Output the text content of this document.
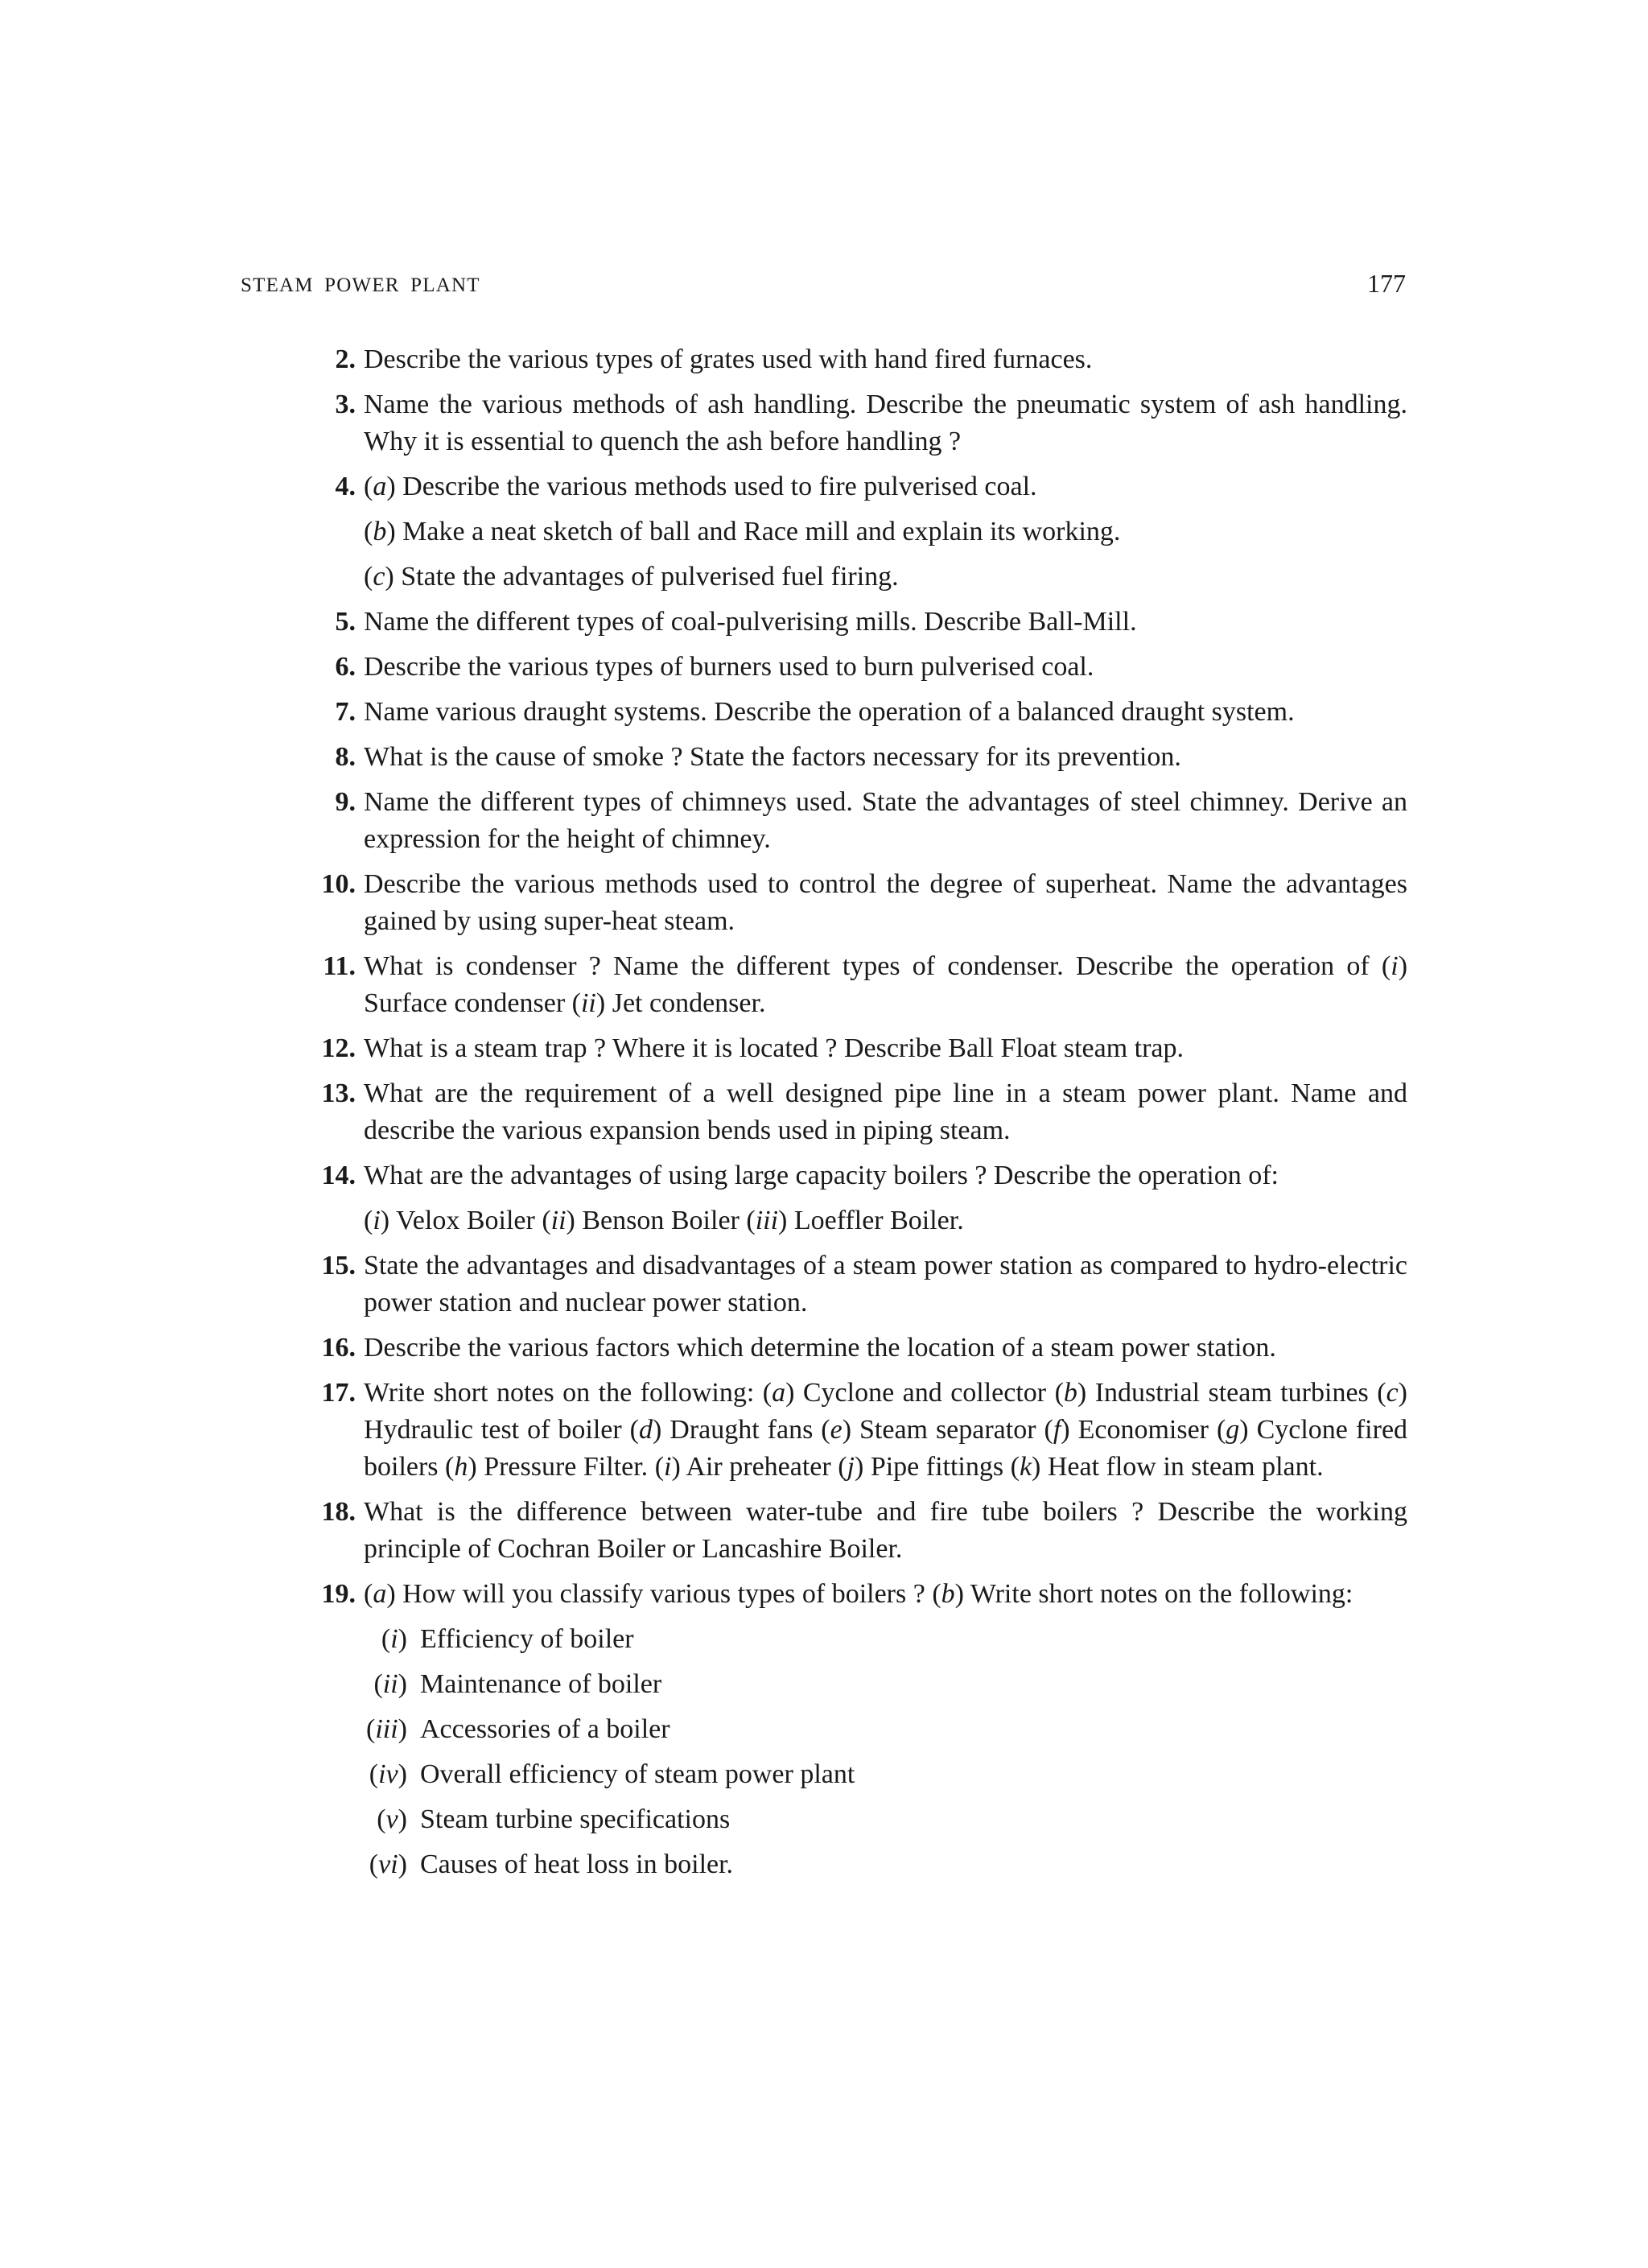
STEAM POWER PLANT	177
2. Describe the various types of grates used with hand fired furnaces.

3. Name the various methods of ash handling. Describe the pneumatic system of ash handling. Why it is essential to quench the ash before handling ?

4. (a) Describe the various methods used to fire pulverised coal.
(b) Make a neat sketch of ball and Race mill and explain its working.
(c) State the advantages of pulverised fuel firing.
5. Name the different types of coal-pulverising mills. Describe Ball-Mill.

6. Describe the various types of burners used to burn pulverised coal.

7. Name various draught systems. Describe the operation of a balanced draught system.

8. What is the cause of smoke ? State the factors necessary for its prevention.

9. Name the different types of chimneys used. State the advantages of steel chimney. Derive an expression for the height of chimney.

10. Describe the various methods used to control the degree of superheat. Name the advantages gained by using super-heat steam.

11. What is condenser ? Name the different types of condenser. Describe the operation of (i) Surface condenser (ii) Jet condenser.

12. What is a steam trap ? Where it is located ? Describe Ball Float steam trap.

13. What are the requirement of a well designed pipe line in a steam power plant. Name and describe the various expansion bends used in piping steam.

14. What are the advantages of using large capacity boilers ? Describe the operation of:

(i) Velox Boiler (ii) Benson Boiler (iii) Loeffler Boiler.
15. State the advantages and disadvantages of a steam power station as compared to hydro-electric power station and nuclear power station.

16. Describe the various factors which determine the location of a steam power station.

17. Write short notes on the following: (a) Cyclone and collector (b) Industrial steam turbines (c) Hydraulic test of boiler (d) Draught fans (e) Steam separator (f) Economiser (g) Cyclone fired boilers (h) Pressure Filter. (i) Air preheater (j) Pipe fittings (k) Heat flow in steam plant.

18. What is the difference between water-tube and fire tube boilers ? Describe the working principle of Cochran Boiler or Lancashire Boiler.

19. (a) How will you classify various types of boilers ? (b) Write short notes on the following:

(i) Efficiency of boiler
(ii) Maintenance of boiler
(iii) Accessories of a boiler
(iv) Overall efficiency of steam power plant
(v) Steam turbine specifications
(vi) Causes of heat loss in boiler.
